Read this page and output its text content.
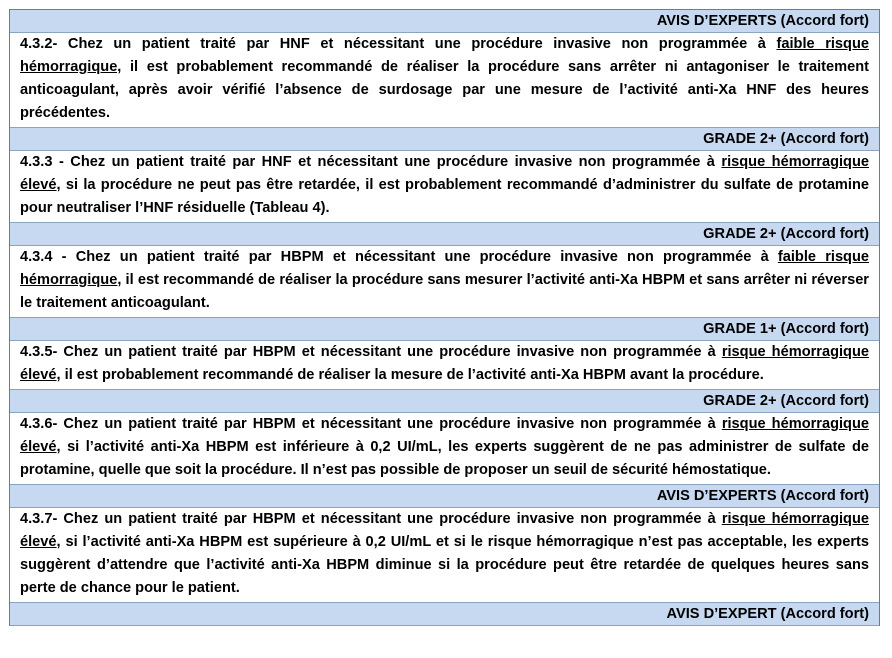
AVIS D’EXPERTS (Accord fort)
4.3.2- Chez un patient traité par HNF et nécessitant une procédure invasive non programmée à faible risque hémorragique, il est probablement recommandé de réaliser la procédure sans arrêter ni antagoniser le traitement anticoagulant, après avoir vérifié l’absence de surdosage par une mesure de l’activité anti-Xa HNF des heures précédentes.
GRADE 2+ (Accord fort)
4.3.3 - Chez un patient traité par HNF et nécessitant une procédure invasive non programmée à risque hémorragique élevé, si la procédure ne peut pas être retardée, il est probablement recommandé d’administrer du sulfate de protamine pour neutraliser l’HNF résiduelle (Tableau 4).
GRADE 2+ (Accord fort)
4.3.4 - Chez un patient traité par HBPM et nécessitant une procédure invasive non programmée à faible risque hémorragique, il est recommandé de réaliser la procédure sans mesurer l’activité anti-Xa HBPM et sans arrêter ni réverser le traitement anticoagulant.
GRADE 1+ (Accord fort)
4.3.5- Chez un patient traité par HBPM et nécessitant une procédure invasive non programmée à risque hémorragique élevé, il est probablement recommandé de réaliser la mesure de l’activité anti-Xa HBPM avant la procédure.
GRADE 2+ (Accord fort)
4.3.6- Chez un patient traité par HBPM et nécessitant une procédure invasive non programmée à risque hémorragique élevé, si l’activité anti-Xa HBPM est inférieure à 0,2 UI/mL, les experts suggèrent de ne pas administrer de sulfate de protamine, quelle que soit la procédure. Il n’est pas possible de proposer un seuil de sécurité hémostatique.
AVIS D’EXPERTS (Accord fort)
4.3.7- Chez un patient traité par HBPM et nécessitant une procédure invasive non programmée à risque hémorragique élevé, si l’activité anti-Xa HBPM est supérieure à 0,2 UI/mL et si le risque hémorragique n’est pas acceptable, les experts suggèrent d’attendre que l’activité anti-Xa HBPM diminue si la procédure peut être retardée de quelques heures sans perte de chance pour le patient.
AVIS D’EXPERT (Accord fort)
